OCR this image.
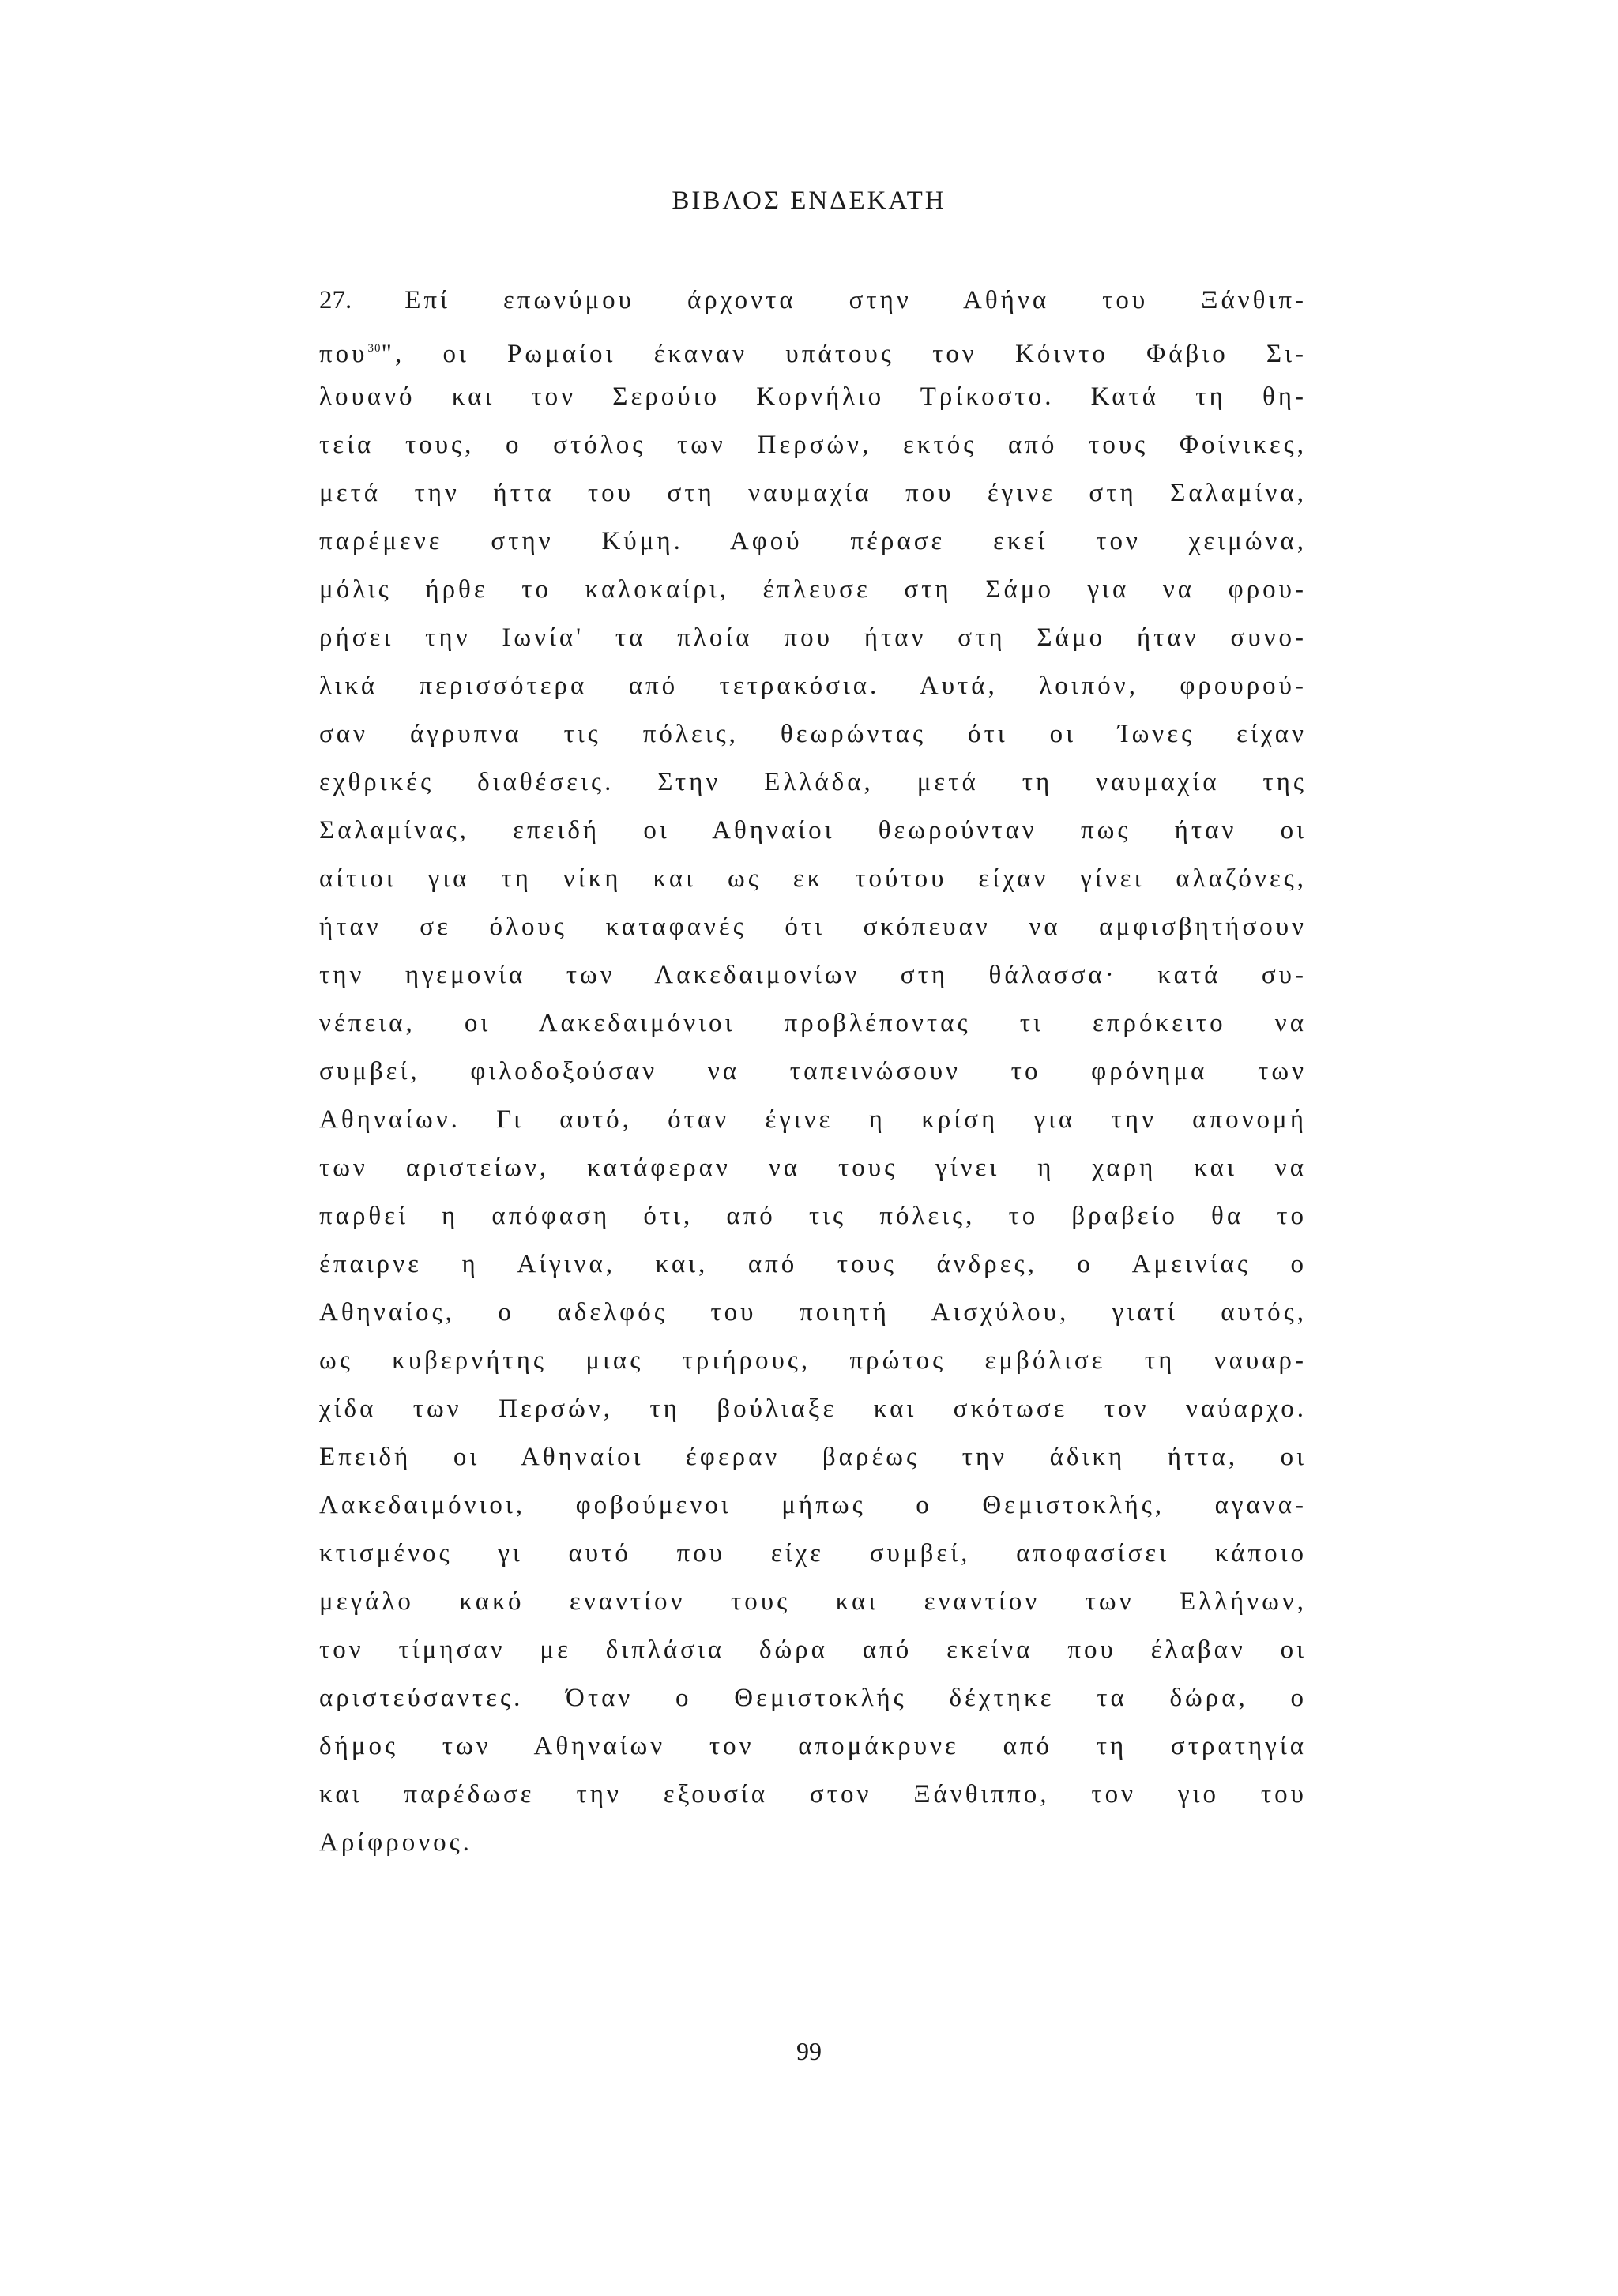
ΒΙΒΛΟΣ ΕΝΔΕΚΑΤΗ
27. Επί επωνύμου άρχοντα στην Αθήνα του Ξάνθιπ-
που$^{30}$", οι Ρωμαίοι έκαναν υπάτους τον Κόιντο Φάβιο Σι-
λουανό και τον Σερούιο Κορνήλιο Τρίκοστο. Κατά τη θη-
τεία τους, ο στόλος των Περσών, εκτός από τους Φοίνικες,
μετά την ήττα του στη ναυμαχία που έγινε στη Σαλαμίνα,
παρέμενε στην Κύμη. Αφού πέρασε εκεί τον χειμώνα,
μόλις ήρθε το καλοκαίρι, έπλευσε στη Σάμο για να φρου-
ρήσει την Ιωνία' τα πλοία που ήταν στη Σάμο ήταν συνο-
λικά περισσότερα από τετρακόσια. Αυτά, λοιπόν, φρουρού-
σαν άγρυπνα τις πόλεις, θεωρώντας ότι οι Ίωνες είχαν
εχθρικές διαθέσεις. Στην Ελλάδα, μετά τη ναυμαχία της
Σαλαμίνας, επειδή οι Αθηναίοι θεωρούνταν πως ήταν οι
αίτιοι για τη νίκη και ως εκ τούτου είχαν γίνει αλαζόνες,
ήταν σε όλους καταφανές ότι σκόπευαν να αμφισβητήσουν
την ηγεμονία των Λακεδαιμονίων στη θάλασσα· κατά συ-
νέπεια, οι Λακεδαιμόνιοι προβλέποντας τι επρόκειτο να
συμβεί, φιλοδοξούσαν να ταπεινώσουν το φρόνημα των
Αθηναίων. Γι αυτό, όταν έγινε η κρίση για την απονομή
των αριστείων, κατάφεραν να τους γίνει η χαρη και να
παρθεί η απόφαση ότι, από τις πόλεις, το βραβείο θα το
έπαιρνε η Αίγινα, και, από τους άνδρες, ο Αμεινίας ο
Αθηναίος, ο αδελφός του ποιητή Αισχύλου, γιατί αυτός,
ως κυβερνήτης μιας τριήρους, πρώτος εμβόλισε τη ναυαρ-
χίδα των Περσών, τη βούλιαξε και σκότωσε τον ναύαρχο.
Επειδή οι Αθηναίοι έφεραν βαρέως την άδικη ήττα, οι
Λακεδαιμόνιοι, φοβούμενοι μήπως ο Θεμιστοκλής, αγανα-
κτισμένος γι αυτό που είχε συμβεί, αποφασίσει κάποιο
μεγάλο κακό εναντίον τους και εναντίον των Ελλήνων,
τον τίμησαν με διπλάσια δώρα από εκείνα που έλαβαν οι
αριστεύσαντες. Όταν ο Θεμιστοκλής δέχτηκε τα δώρα, ο
δήμος των Αθηναίων τον απομάκρυνε από τη στρατηγία
και παρέδωσε την εξουσία στον Ξάνθιππο, τον γιο του
Αρίφρονος.
99
